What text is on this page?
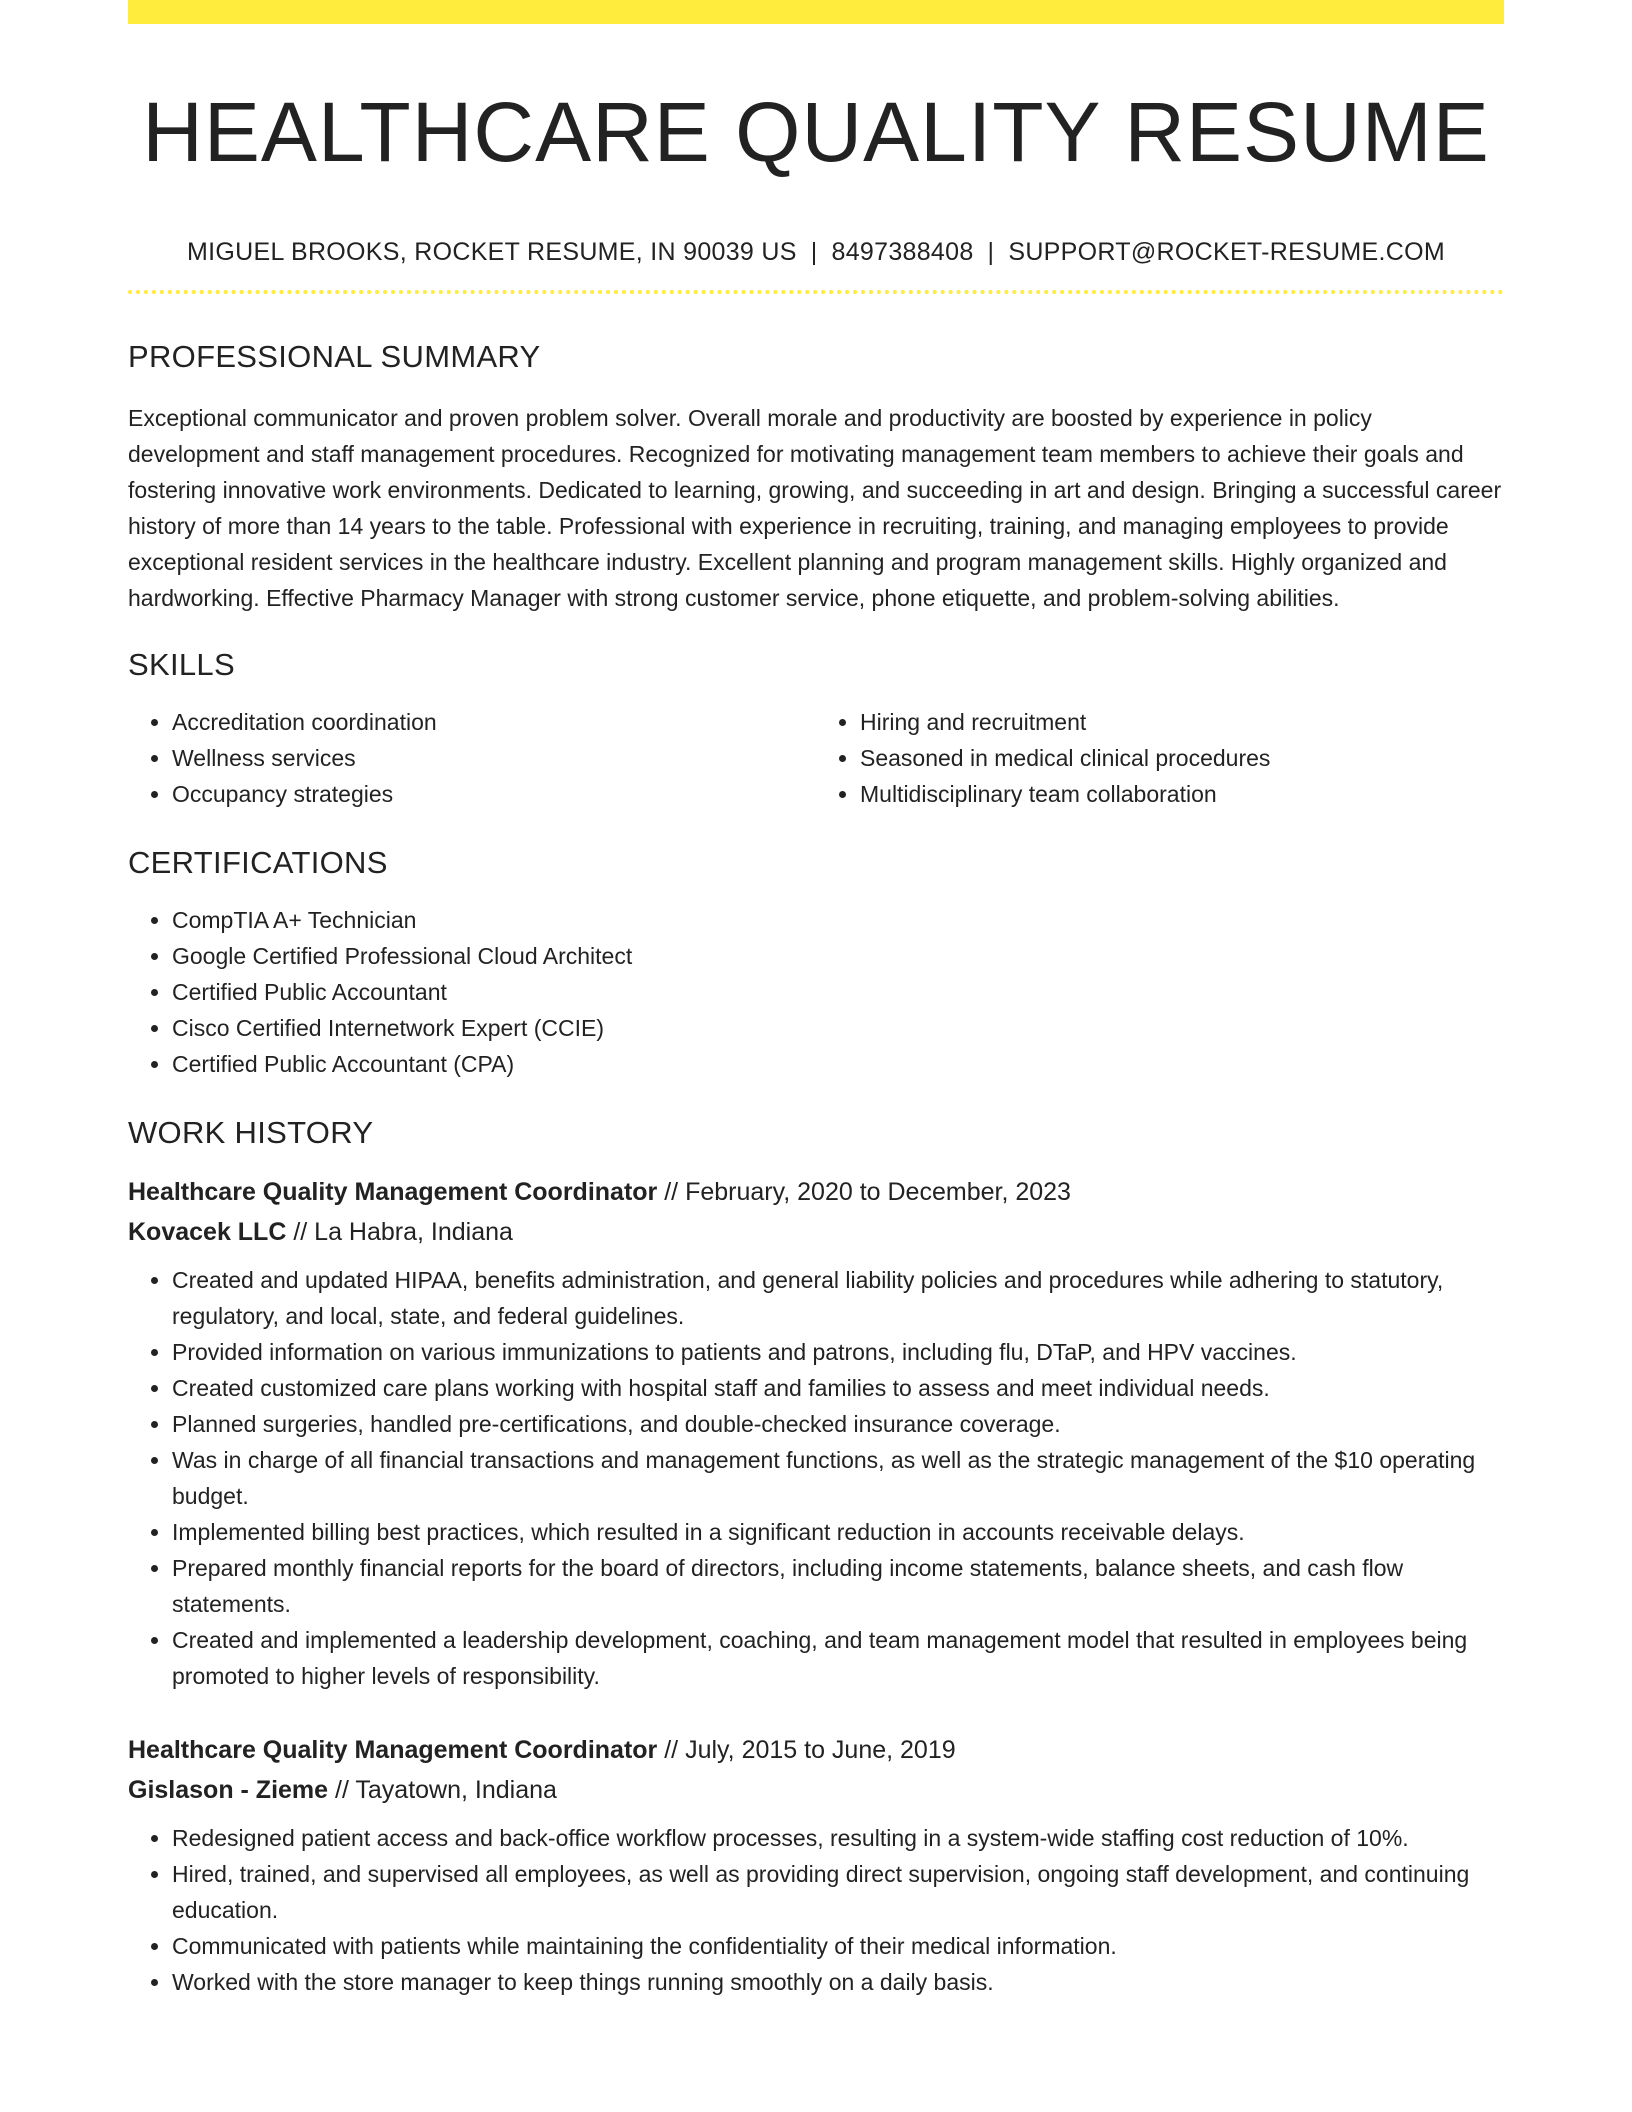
HEALTHCARE QUALITY RESUME
MIGUEL BROOKS, ROCKET RESUME, IN 90039 US | 8497388408 | SUPPORT@ROCKET-RESUME.COM
PROFESSIONAL SUMMARY

Exceptional communicator and proven problem solver. Overall morale and productivity are boosted by experience in policy development and staff management procedures. Recognized for motivating management team members to achieve their goals and fostering innovative work environments. Dedicated to learning, growing, and succeeding in art and design. Bringing a successful career history of more than 14 years to the table. Professional with experience in recruiting, training, and managing employees to provide exceptional resident services in the healthcare industry. Excellent planning and program management skills. Highly organized and hardworking. Effective Pharmacy Manager with strong customer service, phone etiquette, and problem-solving abilities.

SKILLS
• Accreditation coordination
• Wellness services
• Occupancy strategies
• Hiring and recruitment
• Seasoned in medical clinical procedures
• Multidisciplinary team collaboration
CERTIFICATIONS
• CompTIA A+ Technician
• Google Certified Professional Cloud Architect
• Certified Public Accountant
• Cisco Certified Internetwork Expert (CCIE)
• Certified Public Accountant (CPA)
WORK HISTORY
Healthcare Quality Management Coordinator // February, 2020 to December, 2023
Kovacek LLC // La Habra, Indiana
• Created and updated HIPAA, benefits administration, and general liability policies and procedures while adhering to statutory, regulatory, and local, state, and federal guidelines.
• Provided information on various immunizations to patients and patrons, including flu, DTaP, and HPV vaccines.
• Created customized care plans working with hospital staff and families to assess and meet individual needs.
• Planned surgeries, handled pre-certifications, and double-checked insurance coverage.
• Was in charge of all financial transactions and management functions, as well as the strategic management of the $10 operating budget.
• Implemented billing best practices, which resulted in a significant reduction in accounts receivable delays.
• Prepared monthly financial reports for the board of directors, including income statements, balance sheets, and cash flow statements.
• Created and implemented a leadership development, coaching, and team management model that resulted in employees being promoted to higher levels of responsibility.
Healthcare Quality Management Coordinator // July, 2015 to June, 2019
Gislason - Zieme // Tayatown, Indiana
• Redesigned patient access and back-office workflow processes, resulting in a system-wide staffing cost reduction of 10%.
• Hired, trained, and supervised all employees, as well as providing direct supervision, ongoing staff development, and continuing education.
• Communicated with patients while maintaining the confidentiality of their medical information.
• Worked with the store manager to keep things running smoothly on a daily basis.
